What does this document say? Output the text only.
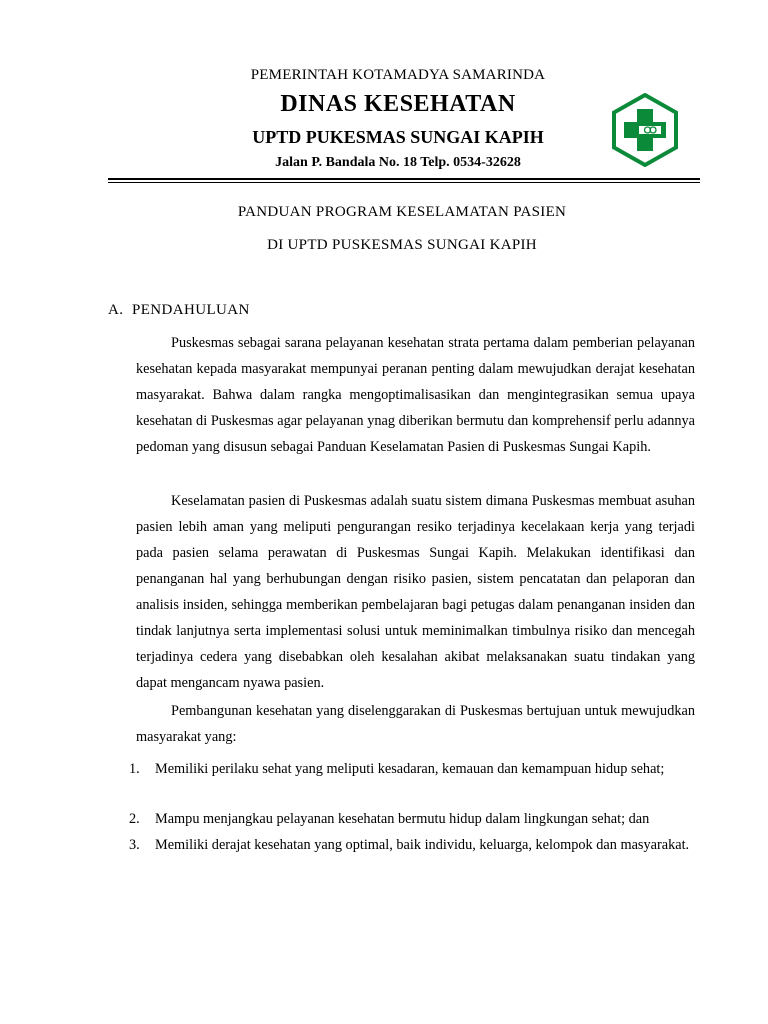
PEMERINTAH KOTAMADYA SAMARINDA
DINAS KESEHATAN
UPTD PUKESMAS SUNGAI KAPIH
Jalan P. Bandala No. 18 Telp. 0534-32628
PANDUAN PROGRAM KESELAMATAN PASIEN
DI UPTD PUSKESMAS SUNGAI KAPIH
A. PENDAHULUAN

Puskesmas sebagai sarana pelayanan kesehatan strata pertama dalam pemberian pelayanan kesehatan kepada masyarakat mempunyai peranan penting dalam mewujudkan derajat kesehatan masyarakat. Bahwa dalam rangka mengoptimalisasikan dan mengintegrasikan semua upaya kesehatan di Puskesmas agar pelayanan ynag diberikan bermutu dan komprehensif perlu adannya pedoman yang disusun sebagai Panduan Keselamatan Pasien di Puskesmas Sungai Kapih.

Keselamatan pasien di Puskesmas adalah suatu sistem dimana Puskesmas membuat asuhan pasien lebih aman yang meliputi pengurangan resiko terjadinya kecelakaan kerja yang terjadi pada pasien selama perawatan di Puskesmas Sungai Kapih. Melakukan identifikasi dan penanganan hal yang berhubungan dengan risiko pasien, sistem pencatatan dan pelaporan dan analisis insiden, sehingga memberikan pembelajaran bagi petugas dalam penanganan insiden dan tindak lanjutnya serta implementasi solusi untuk meminimalkan timbulnya risiko dan mencegah terjadinya cedera yang disebabkan oleh kesalahan akibat melaksanakan suatu tindakan yang dapat mengancam nyawa pasien.

Pembangunan kesehatan yang diselenggarakan di Puskesmas bertujuan untuk mewujudkan masyarakat yang:

1. Memiliki perilaku sehat yang meliputi kesadaran, kemauan dan kemampuan hidup sehat;
2. Mampu menjangkau pelayanan kesehatan bermutu hidup dalam lingkungan sehat; dan
3. Memiliki derajat kesehatan yang optimal, baik individu, keluarga, kelompok dan masyarakat.
